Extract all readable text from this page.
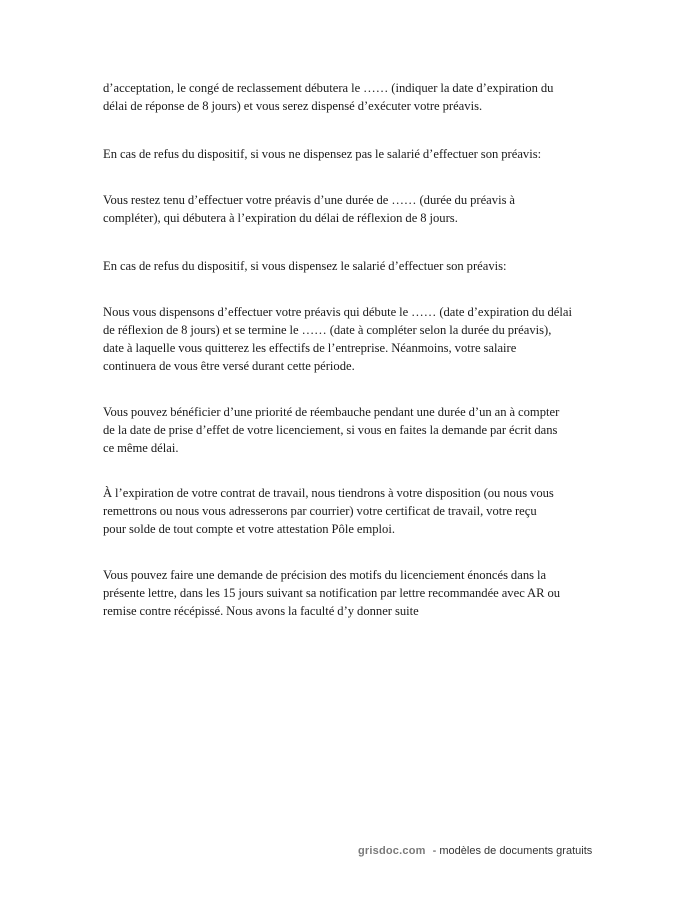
d’acceptation, le congé de reclassement débutera le …… (indiquer la date d’expiration du
délai de réponse de 8 jours) et vous serez dispensé d’exécuter votre préavis.

En cas de refus du dispositif, si vous ne dispensez pas le salarié d’effectuer son préavis:

Vous restez tenu d’effectuer votre préavis d’une durée de …… (durée du préavis à
compléter), qui débutera à l’expiration du délai de réflexion de 8 jours.

En cas de refus du dispositif, si vous dispensez le salarié d’effectuer son préavis:

Nous vous dispensons d’effectuer votre préavis qui débute le …… (date d’expiration du délai
de réflexion de 8 jours) et se termine le …… (date à compléter selon la durée du préavis),
date à laquelle vous quitterez les effectifs de l’entreprise. Néanmoins, votre salaire
continuera de vous être versé durant cette période.

Vous pouvez bénéficier d’une priorité de réembauche pendant une durée d’un an à compter
de la date de prise d’effet de votre licenciement, si vous en faites la demande par écrit dans
ce même délai.

À l’expiration de votre contrat de travail, nous tiendrons à votre disposition (ou nous vous
remettrons ou nous vous adresserons par courrier) votre certificat de travail, votre reçu
pour solde de tout compte et votre attestation Pôle emploi.

Vous pouvez faire une demande de précision des motifs du licenciement énoncés dans la
présente lettre, dans les 15 jours suivant sa notification par lettre recommandée avec AR ou
remise contre récépissé. Nous avons la faculté d’y donner suite

grisdoc.com - modèles de documents gratuits
